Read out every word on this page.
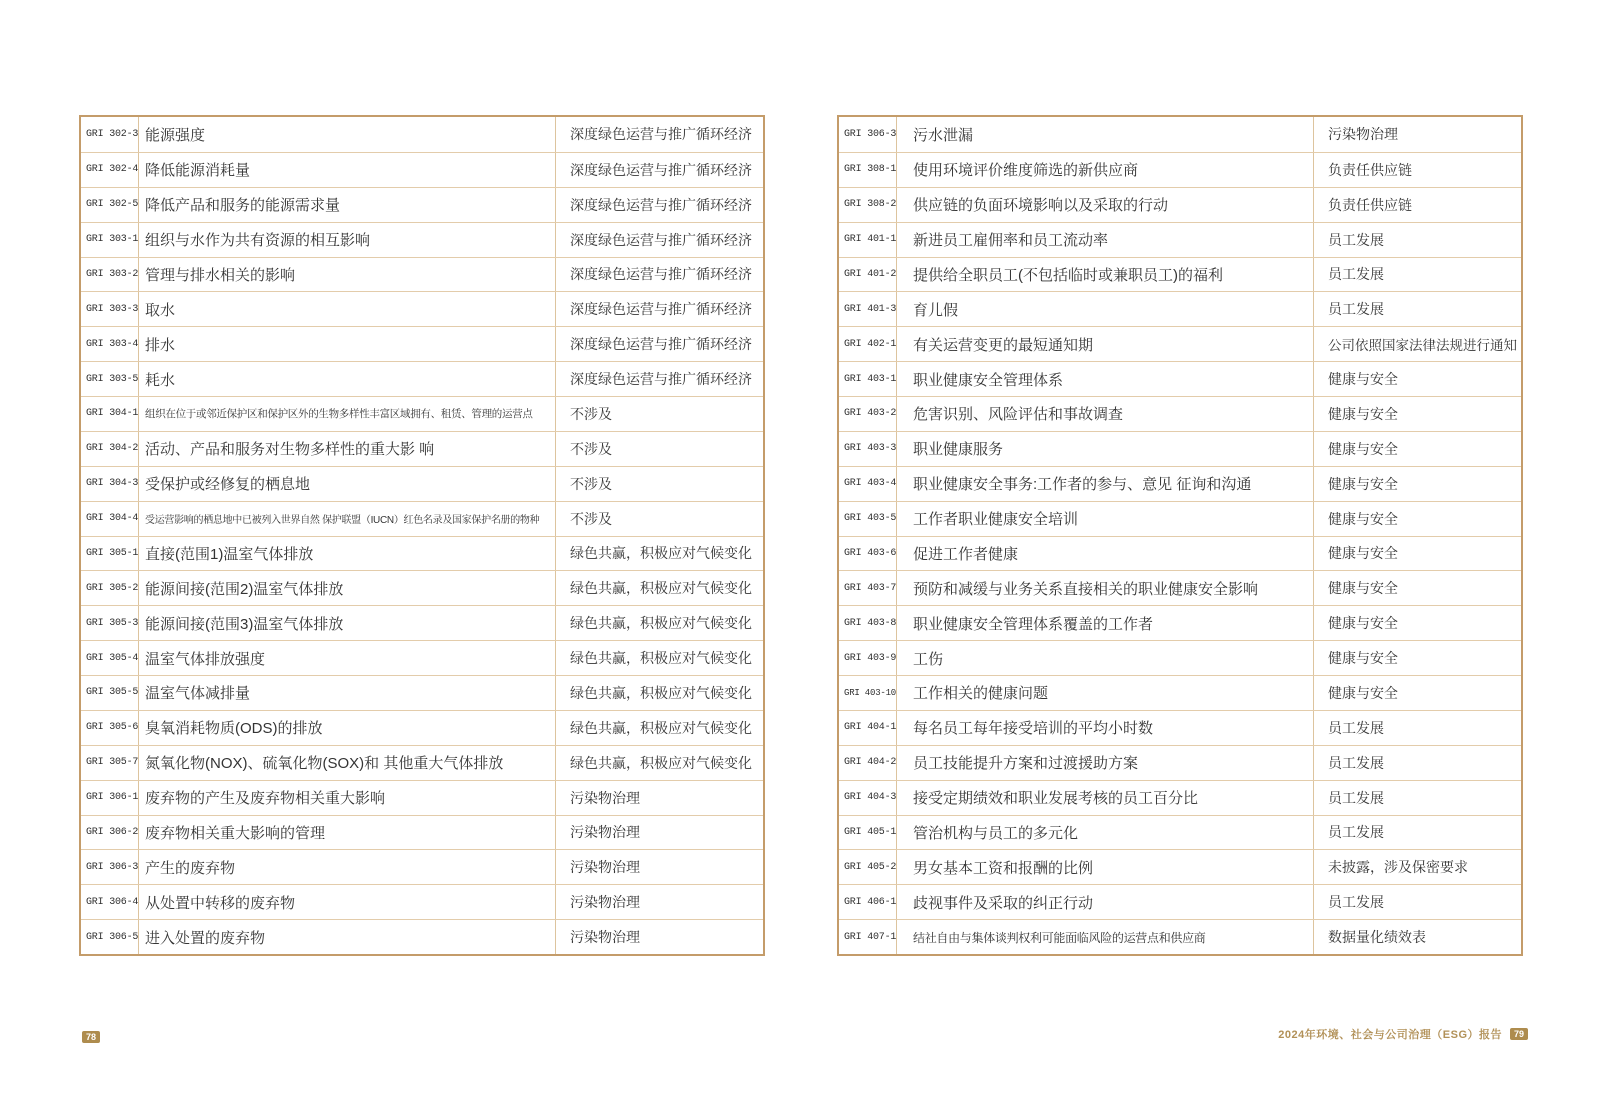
GRI 302-3 能源强度	深度绿色运营与推广循环经济
GRI 302-4 降低能源消耗量	深度绿色运营与推广循环经济
GRI 302-5 降低产品和服务的能源需求量	深度绿色运营与推广循环经济
GRI 303-1 组织与水作为共有资源的相互影响	深度绿色运营与推广循环经济
GRI 303-2 管理与排水相关的影响	深度绿色运营与推广循环经济
GRI 303-3 取水	深度绿色运营与推广循环经济
GRI 303-4 排水	深度绿色运营与推广循环经济
GRI 303-5 耗水	深度绿色运营与推广循环经济
GRI 304-1 组织在位于或邻近保护区和保护区外的生物多样性丰富区域拥有、租赁、管理的运营点	不涉及
GRI 304-2 活动、产品和服务对生物多样性的重大影 响	不涉及
GRI 304-3 受保护或经修复的栖息地	不涉及
GRI 304-4 受运营影响的栖息地中已被列入世界自然 保护联盟（IUCN）红色名录及国家保护名册的物种	不涉及
GRI 305-1 直接(范围1)温室气体排放	绿色共赢，积极应对气候变化
GRI 305-2 能源间接(范围2)温室气体排放	绿色共赢，积极应对气候变化
GRI 305-3 能源间接(范围3)温室气体排放	绿色共赢，积极应对气候变化
GRI 305-4 温室气体排放强度	绿色共赢，积极应对气候变化
GRI 305-5 温室气体减排量	绿色共赢，积极应对气候变化
GRI 305-6 臭氧消耗物质(ODS)的排放	绿色共赢，积极应对气候变化
GRI 305-7 氮氧化物(NOX)、硫氧化物(SOX)和 其他重大气体排放	绿色共赢，积极应对气候变化
GRI 306-1 废弃物的产生及废弃物相关重大影响	污染物治理
GRI 306-2 废弃物相关重大影响的管理	污染物治理
GRI 306-3 产生的废弃物	污染物治理
GRI 306-4 从处置中转移的废弃物	污染物治理
GRI 306-5 进入处置的废弃物	污染物治理
GRI 306-3	污水泄漏	污染物治理
GRI 308-1	使用环境评价维度筛选的新供应商	负责任供应链
GRI 308-2	供应链的负面环境影响以及采取的行动	负责任供应链
GRI 401-1	新进员工雇佣率和员工流动率	员工发展
GRI 401-2	提供给全职员工(不包括临时或兼职员工)的福利	员工发展
GRI 401-3	育儿假	员工发展
GRI 402-1	有关运营变更的最短通知期	公司依照国家法律法规进行通知
GRI 403-1	职业健康安全管理体系	健康与安全
GRI 403-2	危害识别、风险评估和事故调查	健康与安全
GRI 403-3	职业健康服务	健康与安全
GRI 403-4	职业健康安全事务:工作者的参与、意见 征询和沟通	健康与安全
GRI 403-5	工作者职业健康安全培训	健康与安全
GRI 403-6	促进工作者健康	健康与安全
GRI 403-7	预防和减缓与业务关系直接相关的职业健康安全影响	健康与安全
GRI 403-8	职业健康安全管理体系覆盖的工作者	健康与安全
GRI 403-9	工伤	健康与安全
GRI 403-10	工作相关的健康问题	健康与安全
GRI 404-1	每名员工每年接受培训的平均小时数	员工发展
GRI 404-2	员工技能提升方案和过渡援助方案	员工发展
GRI 404-3	接受定期绩效和职业发展考核的员工百分比	员工发展
GRI 405-1	管治机构与员工的多元化	员工发展
GRI 405-2	男女基本工资和报酬的比例	未披露，涉及保密要求
GRI 406-1	歧视事件及采取的纠正行动	员工发展
GRI 407-1	结社自由与集体谈判权利可能面临风险的运营点和供应商	数据量化绩效表
78	2024年环境、社会与公司治理（ESG）报告	79
